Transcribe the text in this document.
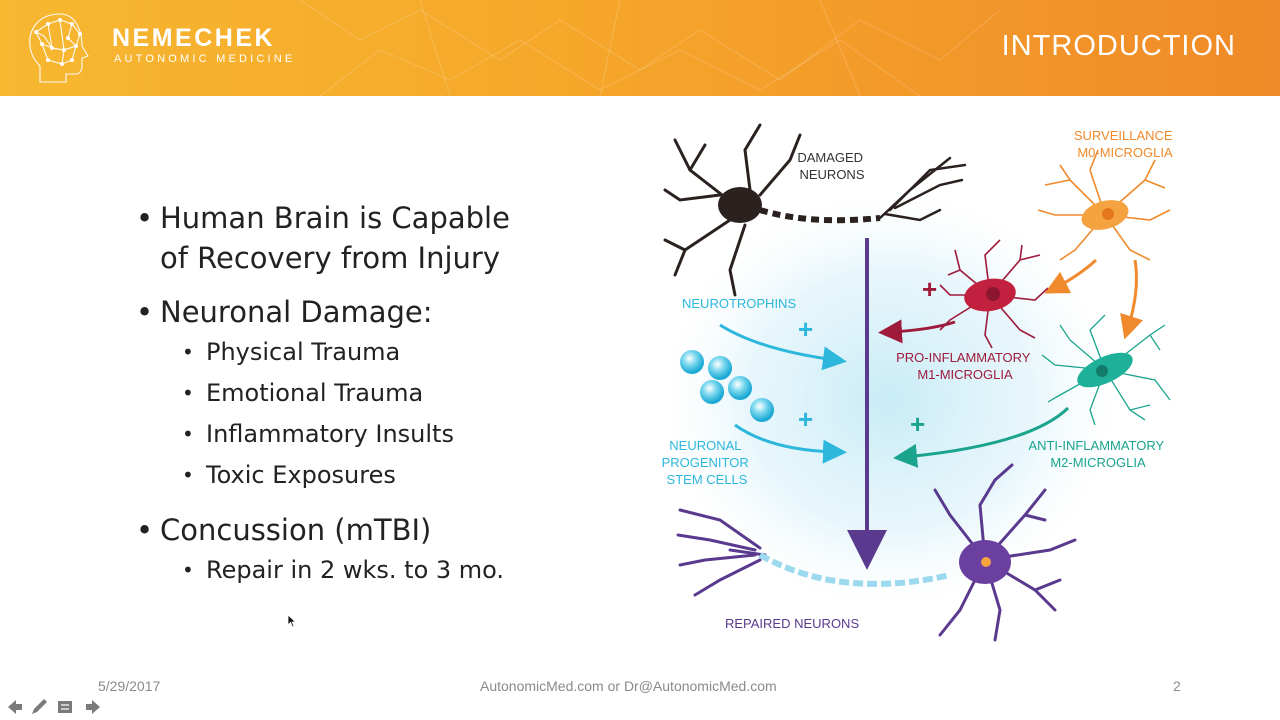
NEMECHEK
AUTONOMIC MEDICINE	INTRODUCTION
• Human Brain is Capable
of Recovery from Injury
• Neuronal Damage:
• Physical Trauma
• Emotional Trauma
• Inflammatory Insults
• Toxic Exposures
• Concussion (mTBI)
• Repair in 2 wks. to 3 mo.
DAMAGED NEURONS
SURVEILLANCE M0-MICROGLIA
+
PRO-INFLAMMATORY M1-MICROGLIA
+
ANTI-INFLAMMATORY M2-MICROGLIA
NEUROTROPHINS
+
+
NEURONAL PROGENITOR STEM CELLS
REPAIRED NEURONS
5/29/2017	AutonomicMed.com or Dr@AutonomicMed.com	2
